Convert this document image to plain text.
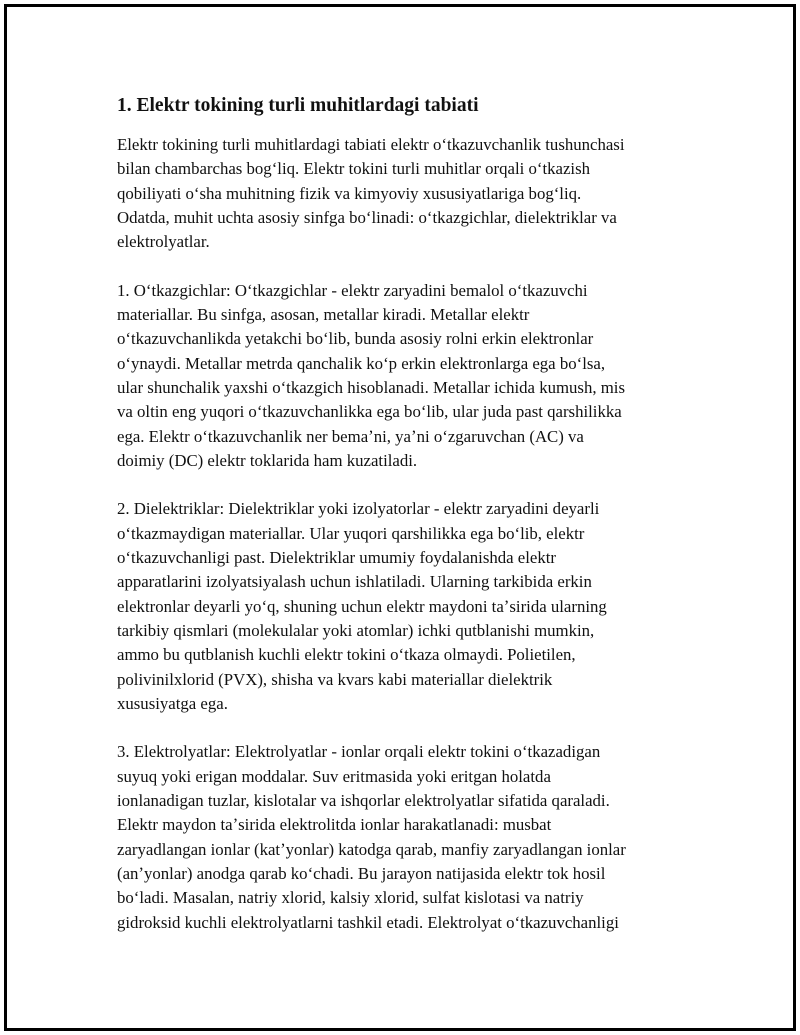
1. Elektr tokining turli muhitlardagi tabiati
Elektr tokining turli muhitlardagi tabiati elektr oʻtkazuvchanlik tushunchasi
bilan chambarchas bogʻliq. Elektr tokini turli muhitlar orqali oʻtkazish
qobiliyati oʻsha muhitning fizik va kimyoviy xususiyatlariga bogʻliq.
Odatda, muhit uchta asosiy sinfga boʻlinadi: oʻtkazgichlar, dielektriklar va
elektrolyatlar.
1. Oʻtkazgichlar: Oʻtkazgichlar - elektr zaryadini bemalol oʻtkazuvchi
materiallar. Bu sinfga, asosan, metallar kiradi. Metallar elektr
oʻtkazuvchanlikda yetakchi boʻlib, bunda asosiy rolni erkin elektronlar
oʻynaydi. Metallar metrda qanchalik koʻp erkin elektronlarga ega boʻlsa,
ular shunchalik yaxshi oʻtkazgich hisoblanadi. Metallar ichida kumush, mis
va oltin eng yuqori oʻtkazuvchanlikka ega boʻlib, ular juda past qarshilikka
ega. Elektr oʻtkazuvchanlik ner bemaʼni, yaʼni oʻzgaruvchan (AC) va
doimiy (DC) elektr toklarida ham kuzatiladi.
2. Dielektriklar: Dielektriklar yoki izolyatorlar - elektr zaryadini deyarli
oʻtkazmaydigan materiallar. Ular yuqori qarshilikka ega boʻlib, elektr
oʻtkazuvchanligi past. Dielektriklar umumiy foydalanishda elektr
apparatlarini izolyatsiyalash uchun ishlatiladi. Ularning tarkibida erkin
elektronlar deyarli yoʻq, shuning uchun elektr maydoni taʼsirida ularning
tarkibiy qismlari (molekulalar yoki atomlar) ichki qutblanishi mumkin,
ammo bu qutblanish kuchli elektr tokini oʻtkaza olmaydi. Polietilen,
polivinilxlorid (PVX), shisha va kvars kabi materiallar dielektrik
xususiyatga ega.
3. Elektrolyatlar: Elektrolyatlar - ionlar orqali elektr tokini oʻtkazadigan
suyuq yoki erigan moddalar. Suv eritmasida yoki eritgan holatda
ionlanadigan tuzlar, kislotalar va ishqorlar elektrolyatlar sifatida qaraladi.
Elektr maydon taʼsirida elektrolitda ionlar harakatlanadi: musbat
zaryadlangan ionlar (katʼyonlar) katodga qarab, manfiy zaryadlangan ionlar
(anʼyonlar) anodga qarab koʻchadi. Bu jarayon natijasida elektr tok hosil
boʻladi. Masalan, natriy xlorid, kalsiy xlorid, sulfat kislotasi va natriy
gidroksid kuchli elektrolyatlarni tashkil etadi. Elektrolyat oʻtkazuvchanligi
